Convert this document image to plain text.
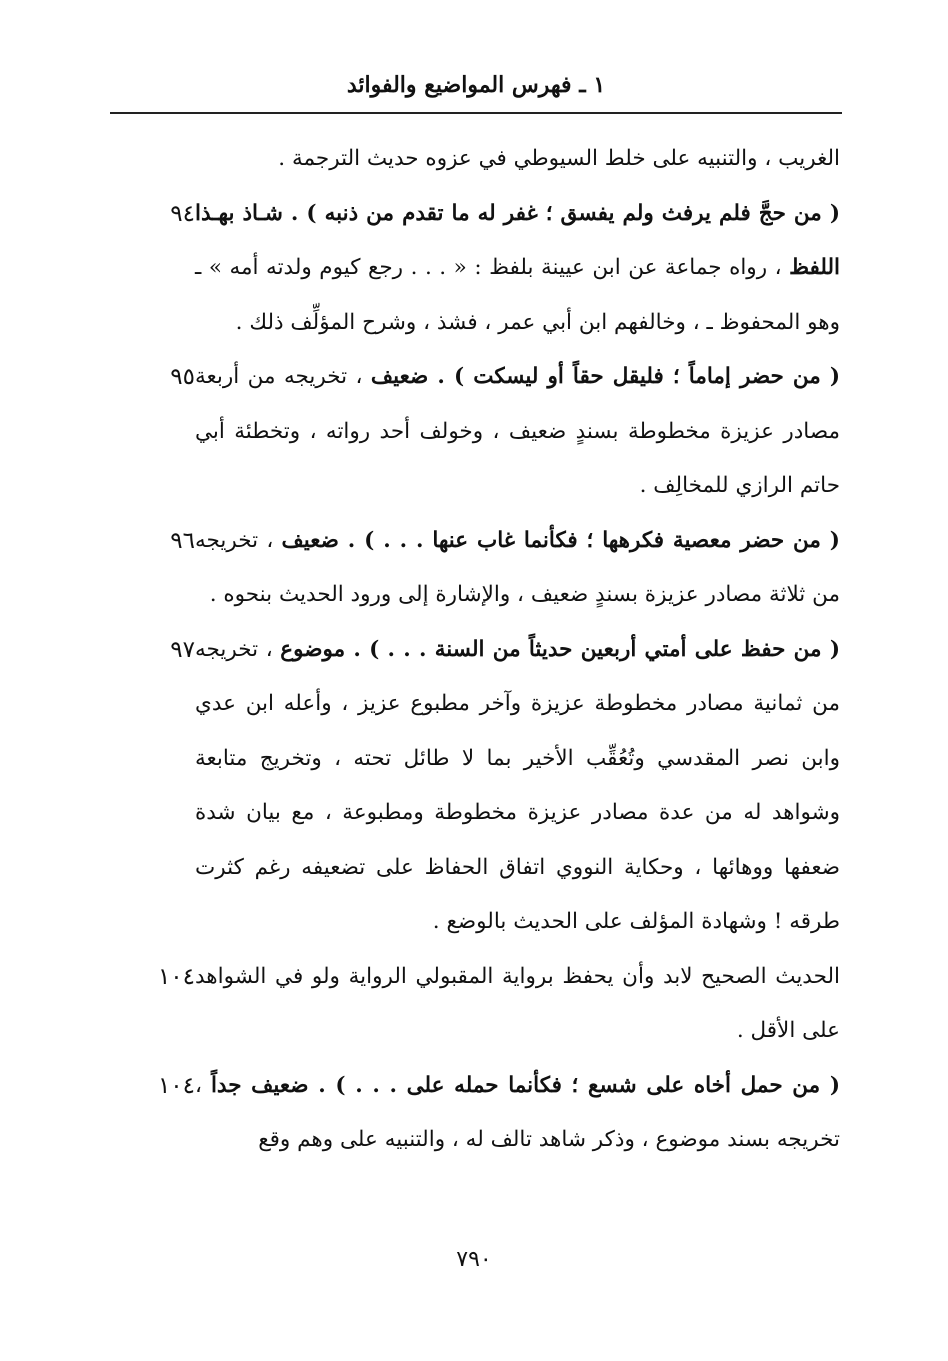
١ ـ فهرس المواضيع والفوائد
الغريب ، والتنبيه على خلط السيوطي في عزوه حديث الترجمة .
( من حجَّ فلم يرفث ولم يفسق ؛ غفر له ما تقدم من ذنبه ) . شـاذ بهـذا اللفظ ، رواه جماعة عن ابن عيينة بلفظ : « . . . رجع كيوم ولدته أمه » ـ وهو المحفوظ ـ ، وخالفهم ابن أبي عمر ، فشذ ، وشرح المؤلِّف ذلك .
٩٤
( من حضر إماماً ؛ فليقل حقاً أو ليسكت ) . ضعيف ، تخريجه من أربعة مصادر عزيزة مخطوطة بسندٍ ضعيف ، وخولف أحد رواته ، وتخطئة أبي حاتم الرازي للمخالِف .
٩٥
( من حضر معصية فكرهها ؛ فكأنما غاب عنها . . . ) . ضعيف ، تخريجه من ثلاثة مصادر عزيزة بسندٍ ضعيف ، والإشارة إلى ورود الحديث بنحوه .
٩٦
( من حفظ على أمتي أربعين حديثاً من السنة . . . ) . موضوع ، تخريجه من ثمانية مصادر مخطوطة عزيزة وآخر مطبوع عزيز ، وأعله ابن عدي وابن نصر المقدسي وتُعُقِّب الأخير بما لا طائل تحته ، وتخريج متابعة وشواهد له من عدة مصادر عزيزة مخطوطة ومطبوعة ، مع بيان شدة ضعفها ووهائها ، وحكاية النووي اتفاق الحفاظ على تضعيفه رغم كثرت طرقه ! وشهادة المؤلف على الحديث بالوضع .
٩٧
الحديث الصحيح لابد وأن يحفظ برواية المقبولي الرواية ولو في الشواهد على الأقل .
١٠٤
( من حمل أخاه على شسع ؛ فكأنما حمله على . . . ) . ضعيف جداً ، تخريجه بسند موضوع ، وذكر شاهد تالف له ، والتنبيه على وهم وقع
١٠٤
٧٩٠
